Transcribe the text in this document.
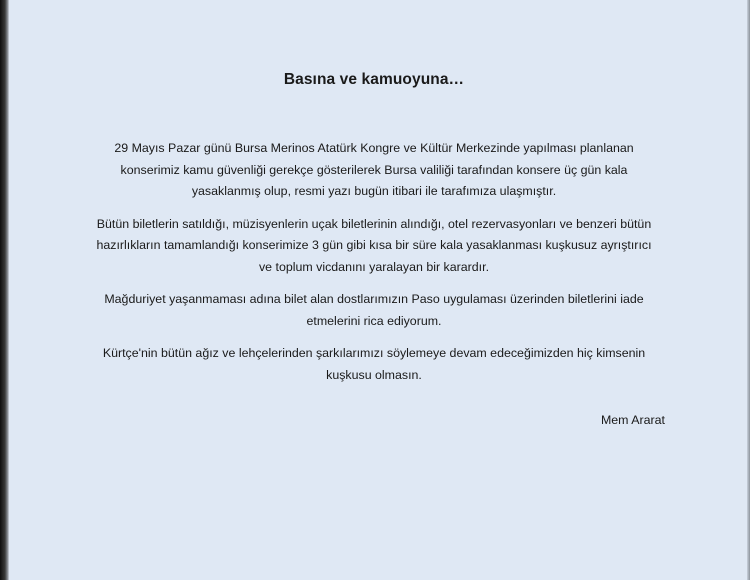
Basına ve kamuoyuna…

29 Mayıs Pazar günü Bursa Merinos Atatürk Kongre ve Kültür Merkezinde yapılması planlanan konserimiz kamu güvenliği gerekçe gösterilerek Bursa valiliği tarafından konsere üç gün kala yasaklanmış olup, resmi yazı bugün itibari ile tarafımıza ulaşmıştır.

Bütün biletlerin satıldığı, müzisyenlerin uçak biletlerinin alındığı, otel rezervasyonları ve benzeri bütün hazırlıkların tamamlandığı konserimize 3 gün gibi kısa bir süre kala yasaklanması kuşkusuz ayrıştırıcı ve toplum vicdanını yaralayan bir karardır.

Mağduriyet yaşanmaması adına bilet alan dostlarımızın Paso uygulaması üzerinden biletlerini iade etmelerini rica ediyorum.

Kürtçe'nin bütün ağız ve lehçelerinden şarkılarımızı söylemeye devam edeceğimizden hiç kimsenin kuşkusu olmasın.

Mem Ararat
